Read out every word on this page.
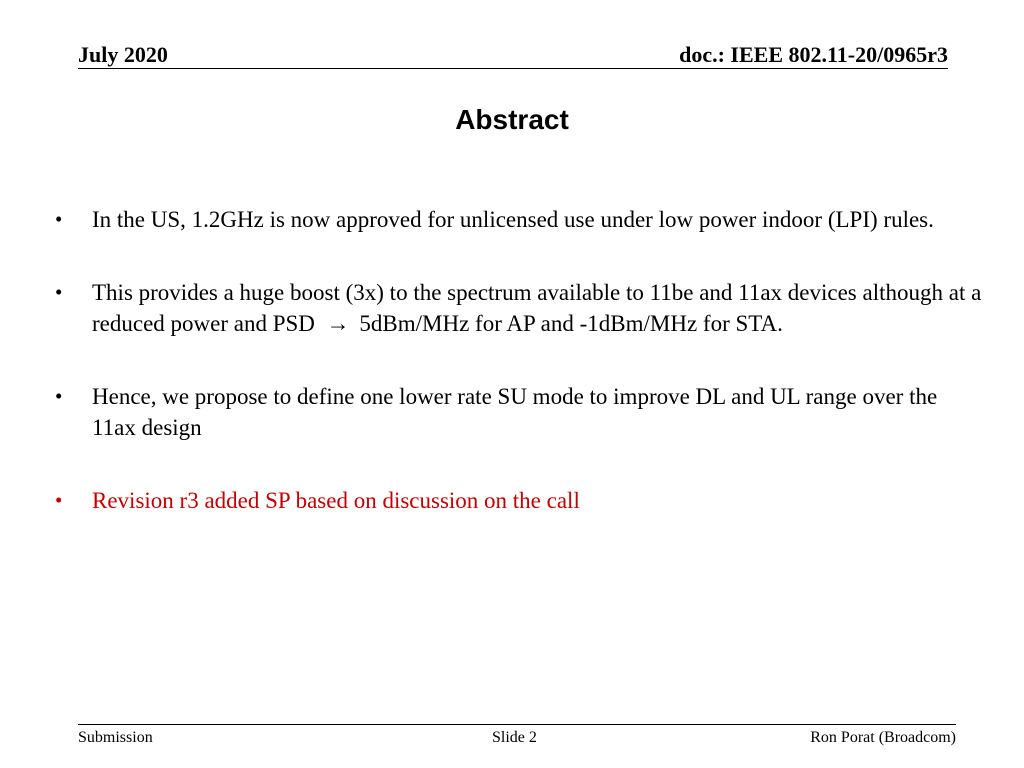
July 2020	doc.: IEEE 802.11-20/0965r3
Abstract
• In the US, 1.2GHz is now approved for unlicensed use under low power indoor (LPI) rules.
• This provides a huge boost (3x) to the spectrum available to 11be and 11ax devices although at a reduced power and PSD → 5dBm/MHz for AP and -1dBm/MHz for STA.
• Hence, we propose to define one lower rate SU mode to improve DL and UL range over the 11ax design
• Revision r3 added SP based on discussion on the call
Submission	Slide 2	Ron Porat (Broadcom)
